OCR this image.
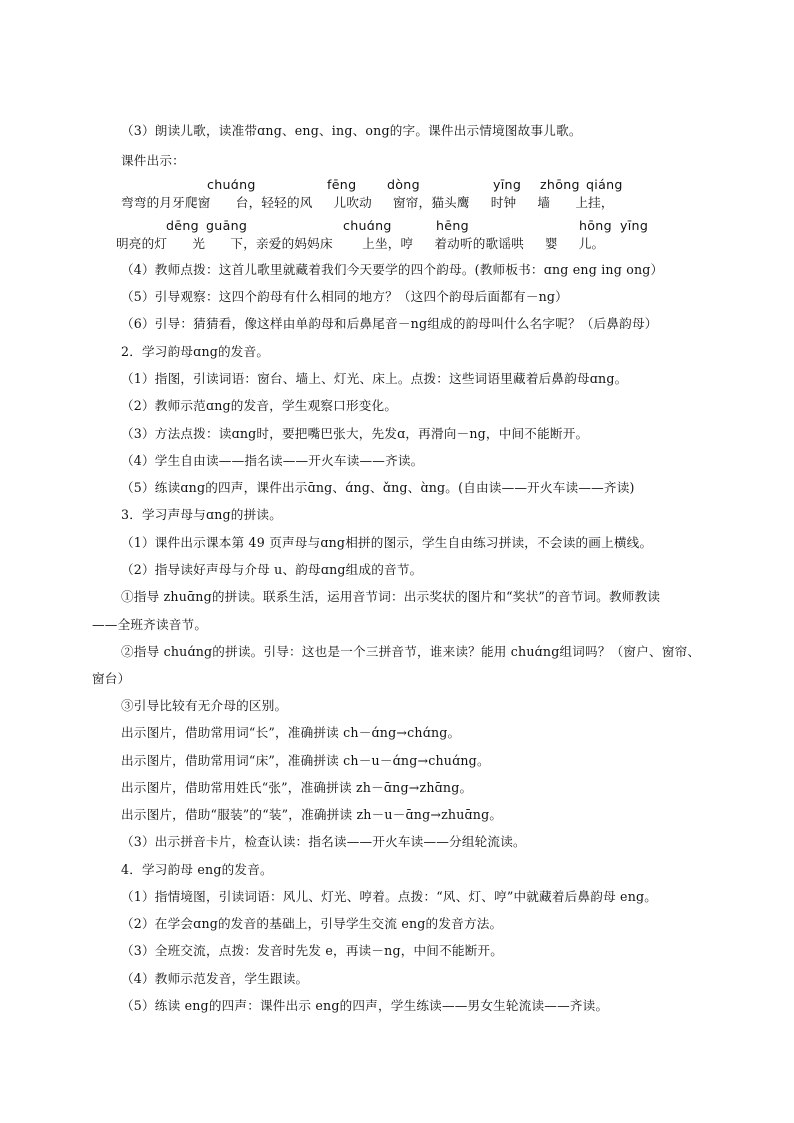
（3）朗读儿歌，读准带ɑng、eng、ing、ong的字。课件出示情境图故事儿歌。
课件出示：
chuɑ́ng	fēng dòng	yīng zhōng qiáng
弯弯的月牙爬窗      台，轻轻的风     儿吹动     窗帘，猫头鹰     时钟     墙      上挂，
dēng guāng	chuɑ́ng	hēng	hōng yīng
明亮的灯      光      下，亲爱的妈妈床       上坐，哼     着动听的歌谣哄     婴     儿。
（4）教师点拨：这首儿歌里就藏着我们今天要学的四个韵母。(教师板书：ɑng eng ing ong）
（5）引导观察：这四个韵母有什么相同的地方？（这四个韵母后面都有－ng）
（6）引导：猜猜看，像这样由单韵母和后鼻尾音－ng组成的韵母叫什么名字呢？（后鼻韵母）
2．学习韵母ɑng的发音。
（1）指图，引读词语：窗台、墙上、灯光、床上。点拨：这些词语里藏着后鼻韵母ɑng。
（2）教师示范ɑng的发音，学生观察口形变化。
（3）方法点拨：读ɑng时，要把嘴巴张大，先发ɑ，再滑向－ng，中间不能断开。
（4）学生自由读——指名读——开火车读——齐读。
（5）练读ɑng的四声，课件出示ɑ̄ng、ɑ́ng、ɑ̌ng、ɑ̀ng。(自由读——开火车读——齐读)
3．学习声母与ɑng的拼读。
（1）课件出示课本第 49 页声母与ɑng相拼的图示，学生自由练习拼读，不会读的画上横线。
（2）指导读好声母与介母 u、韵母ɑng组成的音节。
①指导 zhuɑ̄ng的拼读。联系生活，运用音节词：出示奖状的图片和“奖状”的音节词。教师教读
——全班齐读音节。
②指导 chuɑ́ng的拼读。引导：这也是一个三拼音节，谁来读？能用 chuɑ́ng组词吗？（窗户、窗帘、
窗台）
③引导比较有无介母的区别。
出示图片，借助常用词“长”，准确拼读 ch－ɑ́ng→chɑ́ng。
出示图片，借助常用词“床”，准确拼读 ch－u－ɑ́ng→chuɑ́ng。
出示图片，借助常用姓氏“张”，准确拼读 zh－ɑ̄ng→zhɑ̄ng。
出示图片，借助“服装”的“装”，准确拼读 zh－u－ɑ̄ng→zhuɑ̄ng。
（3）出示拼音卡片，检查认读：指名读——开火车读——分组轮流读。
4．学习韵母 eng的发音。
（1）指情境图，引读词语：风儿、灯光、哼着。点拨：“风、灯、哼”中就藏着后鼻韵母 eng。
（2）在学会ɑng的发音的基础上，引导学生交流 eng的发音方法。
（3）全班交流，点拨：发音时先发 e，再读－ng，中间不能断开。
（4）教师示范发音，学生跟读。
（5）练读 eng的四声：课件出示 eng的四声，学生练读——男女生轮流读——齐读。
